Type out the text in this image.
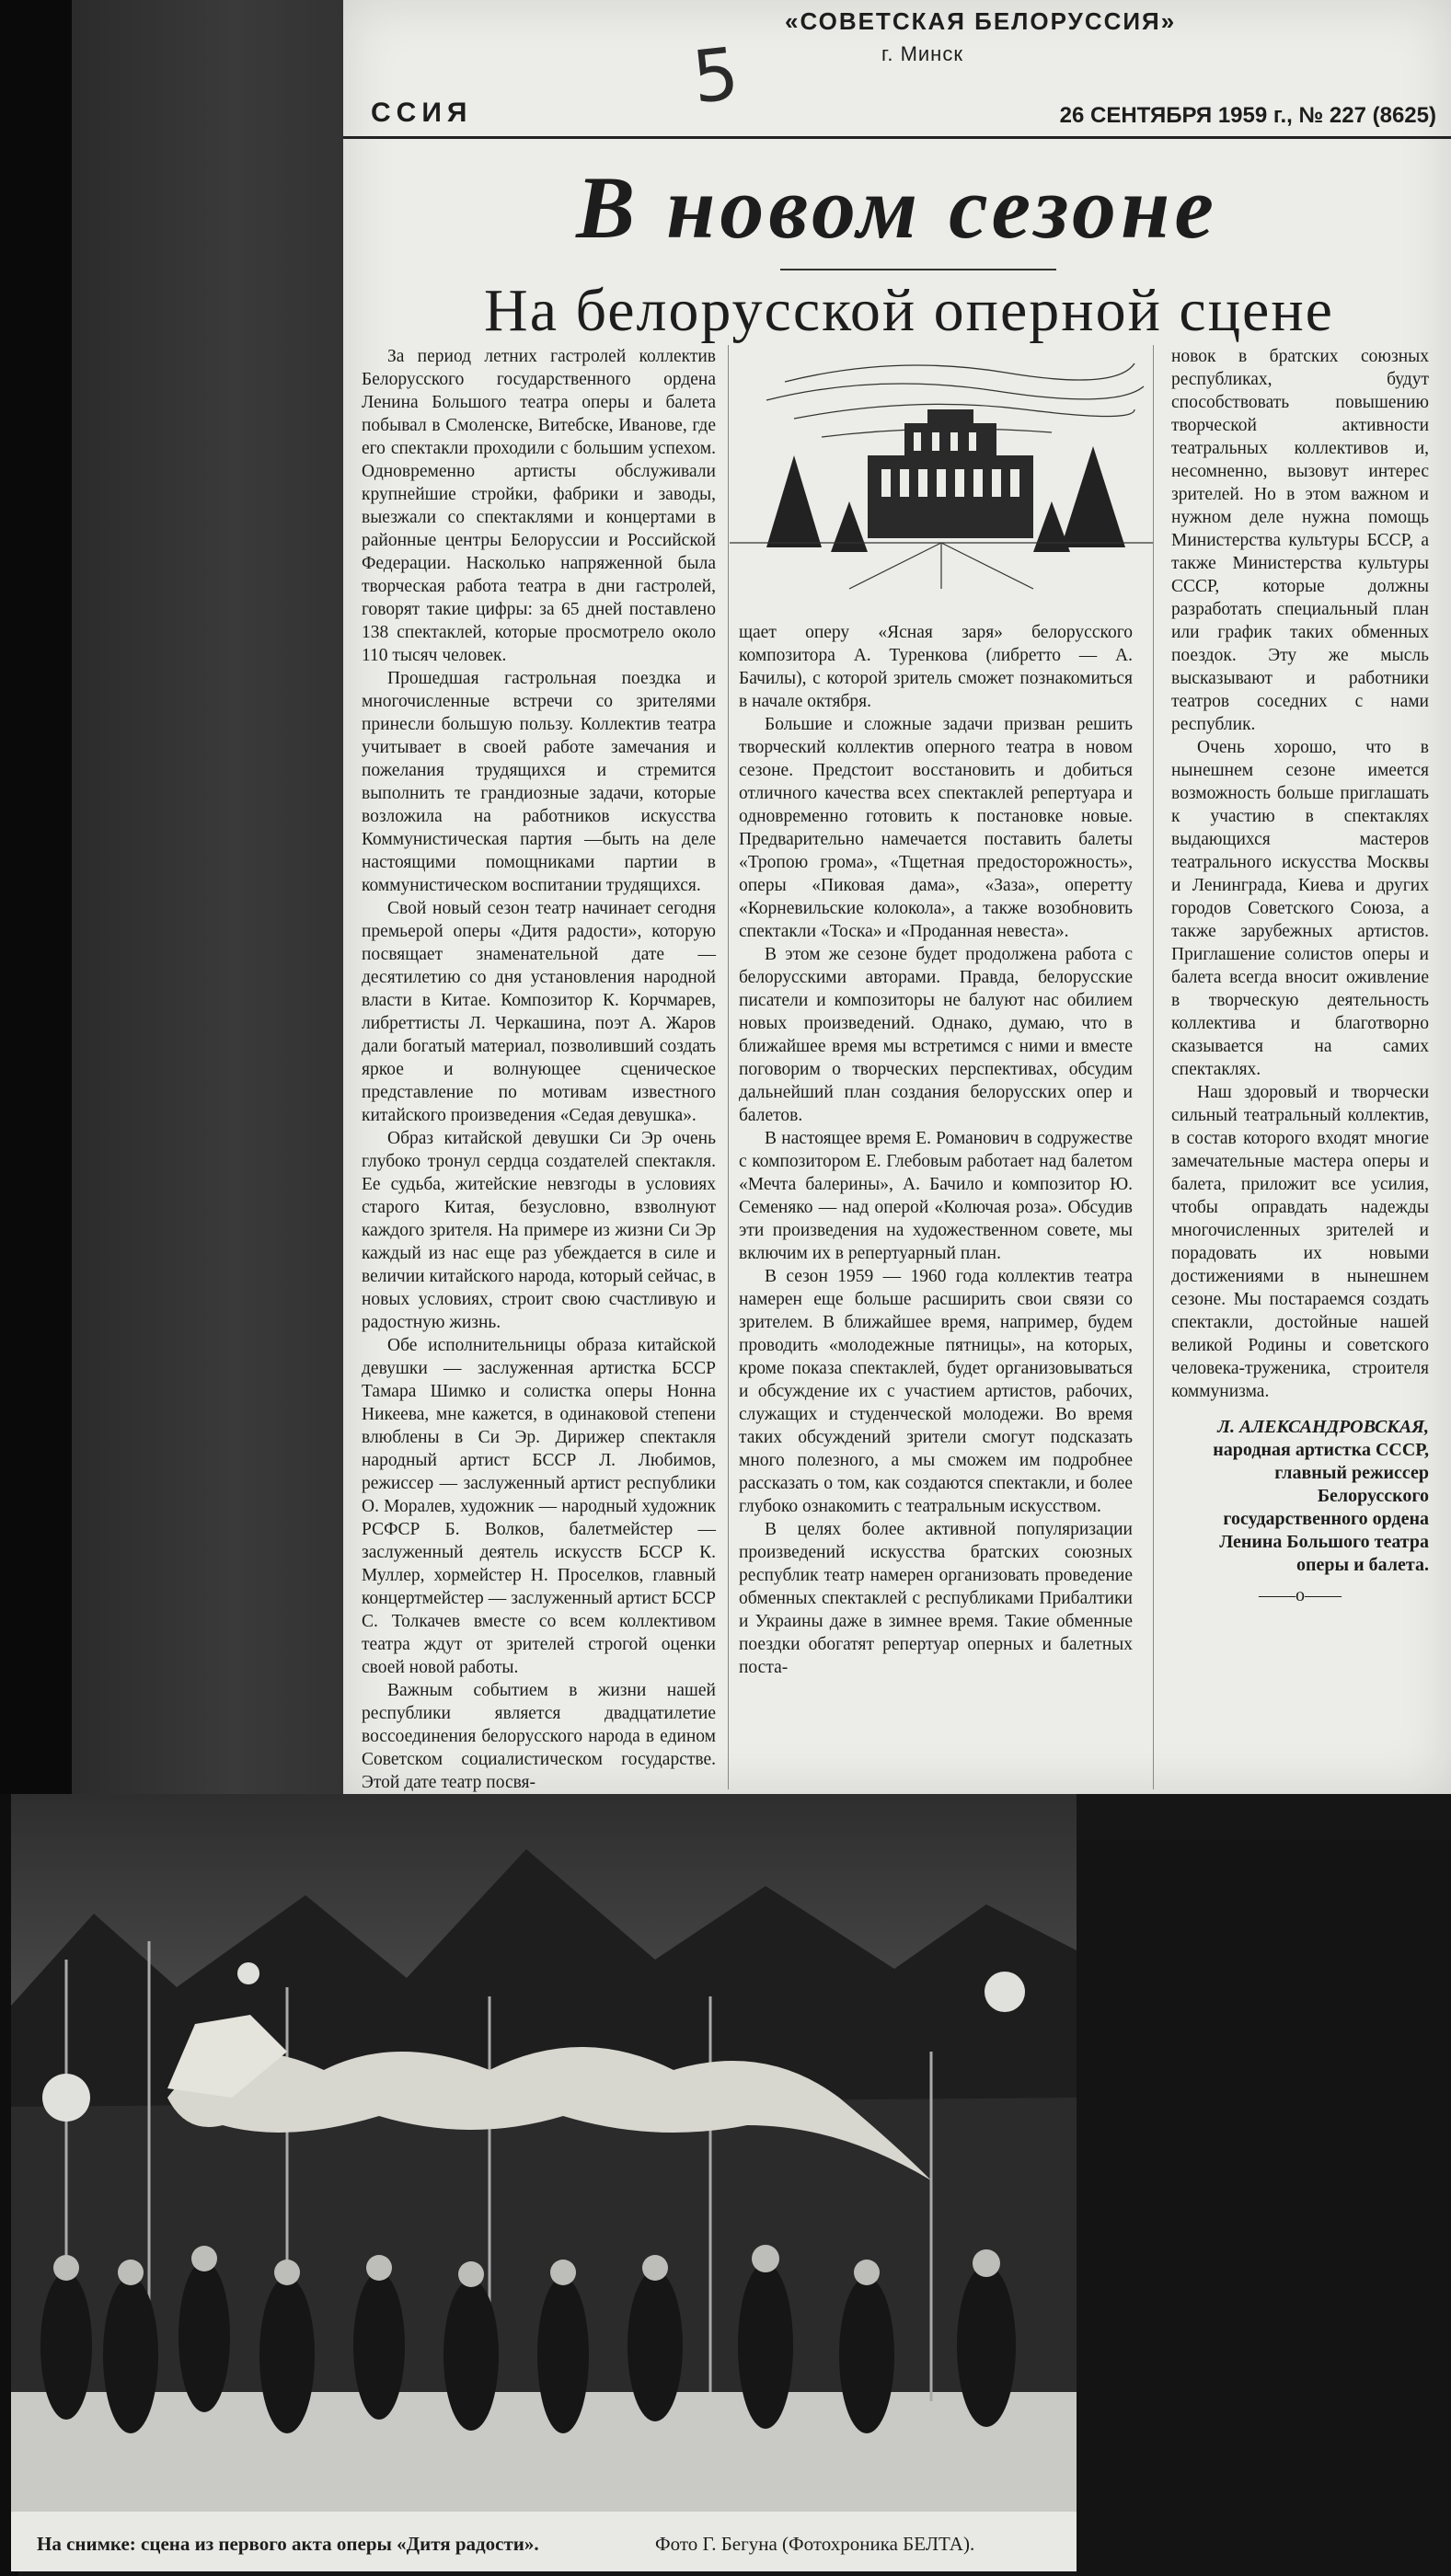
«СОВЕТСКАЯ БЕЛОРУССИЯ»
г. Минск
5
ССИЯ	26 СЕНТЯБРЯ 1959 г., № 227 (8625)
В новом сезоне
На белорусской оперной сцене

За период летних гастролей коллектив Белорусского государственного ордена Ленина Большого театра оперы и балета побывал в Смоленске, Витебске, Иванове, где его спектакли проходили с большим успехом. Одновременно артисты обслуживали крупнейшие стройки, фабрики и заводы, выезжали со спектаклями и концертами в районные центры Белоруссии и Российской Федерации. Насколько напряженной была творческая работа театра в дни гастролей, говорят такие цифры: за 65 дней поставлено 138 спектаклей, которые просмотрело около 110 тысяч человек.

Прошедшая гастрольная поездка и многочисленные встречи со зрителями принесли большую пользу. Коллектив театра учитывает в своей работе замечания и пожелания трудящихся и стремится выполнить те грандиозные задачи, которые возложила на работников искусства Коммунистическая партия —быть на деле настоящими помощниками партии в коммунистическом воспитании трудящихся.

Свой новый сезон театр начинает сегодня премьерой оперы «Дитя радости», которую посвящает знаменательной дате — десятилетию со дня установления народной власти в Китае. Композитор К. Корчмарев, либреттисты Л. Черкашина, поэт А. Жаров дали богатый материал, позволивший создать яркое и волнующее сценическое представление по мотивам известного китайского произведения «Седая девушка».

Образ китайской девушки Си Эр очень глубоко тронул сердца создателей спектакля. Ее судьба, житейские невзгоды в условиях старого Китая, безусловно, взволнуют каждого зрителя. На примере из жизни Си Эр каждый из нас еще раз убеждается в силе и величии китайского народа, который сейчас, в новых условиях, строит свою счастливую и радостную жизнь.

Обе исполнительницы образа китайской девушки — заслуженная артистка БССР Тамара Шимко и солистка оперы Нонна Никеева, мне кажется, в одинаковой степени влюблены в Си Эр. Дирижер спектакля народный артист БССР Л. Любимов, режиссер — заслуженный артист республики О. Моралев, художник — народный художник РСФСР Б. Волков, балетмейстер — заслуженный деятель искусств БССР К. Муллер, хормейстер Н. Проселков, главный концертмейстер — заслуженный артист БССР С. Толкачев вместе со всем коллективом театра ждут от зрителей строгой оценки своей новой работы.

Важным событием в жизни нашей республики является двадцатилетие воссоединения белорусского народа в едином Советском социалистическом государстве. Этой дате театр посвя-

щает оперу «Ясная заря» белорусского композитора А. Туренкова (либретто — А. Бачилы), с которой зритель сможет познакомиться в начале октября.

Большие и сложные задачи призван решить творческий коллектив оперного театра в новом сезоне. Предстоит восстановить и добиться отличного качества всех спектаклей репертуара и одновременно готовить к постановке новые. Предварительно намечается поставить балеты «Тропою грома», «Тщетная предосторожность», оперы «Пиковая дама», «Заза», оперетту «Корневильские колокола», а также возобновить спектакли «Тоска» и «Проданная невеста».

В этом же сезоне будет продолжена работа с белорусскими авторами. Правда, белорусские писатели и композиторы не балуют нас обилием новых произведений. Однако, думаю, что в ближайшее время мы встретимся с ними и вместе поговорим о творческих перспективах, обсудим дальнейший план создания белорусских опер и балетов.

В настоящее время Е. Романович в содружестве с композитором Е. Глебовым работает над балетом «Мечта балерины», А. Бачило и композитор Ю. Семеняко — над оперой «Колючая роза». Обсудив эти произведения на художественном совете, мы включим их в репертуарный план.

В сезон 1959 — 1960 года коллектив театра намерен еще больше расширить свои связи со зрителем. В ближайшее время, например, будем проводить «молодежные пятницы», на которых, кроме показа спектаклей, будет организовываться и обсуждение их с участием артистов, рабочих, служащих и студенческой молодежи. Во время таких обсуждений зрители смогут подсказать много полезного, а мы сможем им подробнее рассказать о том, как создаются спектакли, и более глубоко ознакомить с театральным искусством.

В целях более активной популяризации произведений искусства братских союзных республик театр намерен организовать проведение обменных спектаклей с республиками Прибалтики и Украины даже в зимнее время. Такие обменные поездки обогатят репертуар оперных и балетных поста-

новок в братских союзных республиках, будут способствовать повышению творческой активности театральных коллективов и, несомненно, вызовут интерес зрителей. Но в этом важном и нужном деле нужна помощь Министерства культуры БССР, а также Министерства культуры СССР, которые должны разработать специальный план или график таких обменных поездок. Эту же мысль высказывают и работники театров соседних с нами республик.

Очень хорошо, что в нынешнем сезоне имеется возможность больше приглашать к участию в спектаклях выдающихся мастеров театрального искусства Москвы и Ленинграда, Киева и других городов Советского Союза, а также зарубежных артистов. Приглашение солистов оперы и балета всегда вносит оживление в творческую деятельность коллектива и благотворно сказывается на самих спектаклях.

Наш здоровый и творчески сильный театральный коллектив, в состав которого входят многие замечательные мастера оперы и балета, приложит все усилия, чтобы оправдать надежды многочисленных зрителей и порадовать их новыми достижениями в нынешнем сезоне. Мы постараемся создать спектакли, достойные нашей великой Родины и советского человека-труженика, строителя коммунизма.

Л. АЛЕКСАНДРОВСКАЯ,
народная артистка СССР, главный режиссер Белорусского государственного ордена Ленина Большого театра оперы и балета.
——o——
На снимке: сцена из первого акта оперы «Дитя радости».	Фото Г. Бегуна (Фотохроника БЕЛТА).
